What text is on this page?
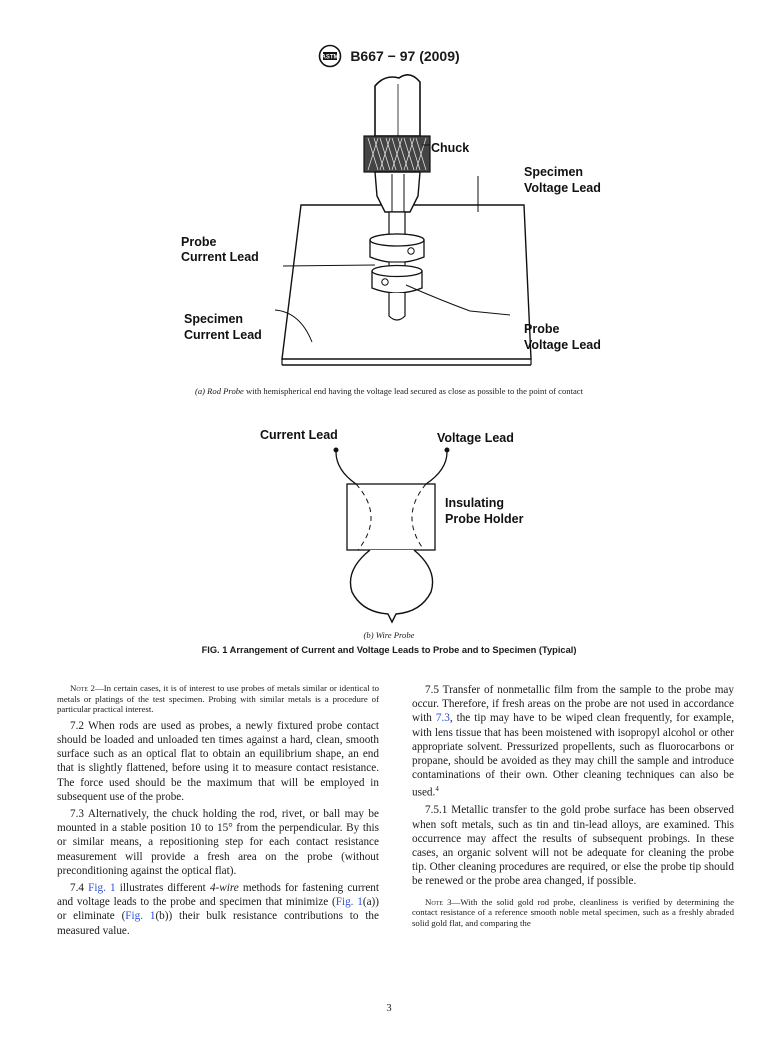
ASTM B667 − 97 (2009)
Chuck
Specimen
Voltage Lead
Probe
Current Lead
Specimen
Current Lead	Probe
Voltage Lead
Current Lead	Voltage Lead
Insulating
Probe Holder
(a) Rod Probe with hemispherical end having the voltage lead secured as close as possible to the point of contact
(b) Wire Probe
FIG. 1 Arrangement of Current and Voltage Leads to Probe and to Specimen (Typical)

Note 2—In certain cases, it is of interest to use probes of metals similar or identical to metals or platings of the test specimen. Probing with similar metals is a procedure of particular practical interest.

7.2 When rods are used as probes, a newly fixtured probe contact should be loaded and unloaded ten times against a hard, clean, smooth surface such as an optical flat to obtain an equilibrium shape, an end that is slightly flattened, before using it to measure contact resistance. The force used should be the maximum that will be employed in subsequent use of the probe.

7.3 Alternatively, the chuck holding the rod, rivet, or ball may be mounted in a stable position 10 to 15° from the perpendicular. By this or similar means, a repositioning step for each contact resistance measurement will provide a fresh area on the probe (without preconditioning against the optical flat).

7.4 Fig. 1 illustrates different 4-wire methods for fastening current and voltage leads to the probe and specimen that minimize (Fig. 1(a)) or eliminate (Fig. 1(b)) their bulk resistance contributions to the measured value.

7.5 Transfer of nonmetallic film from the sample to the probe may occur. Therefore, if fresh areas on the probe are not used in accordance with 7.3, the tip may have to be wiped clean frequently, for example, with lens tissue that has been moistened with isopropyl alcohol or other appropriate solvent. Pressurized propellents, such as fluorocarbons or propane, should be avoided as they may chill the sample and introduce contaminations of their own. Other cleaning techniques can also be used.$^4$

7.5.1 Metallic transfer to the gold probe surface has been observed when soft metals, such as tin and tin-lead alloys, are examined. This occurrence may affect the results of subsequent probings. In these cases, an organic solvent will not be adequate for cleaning the probe tip. Other cleaning procedures are required, or else the probe tip should be renewed or the probe area changed, if possible.

Note 3—With the solid gold rod probe, cleanliness is verified by determining the contact resistance of a reference smooth noble metal specimen, such as a freshly abraded solid gold flat, and comparing the

3
